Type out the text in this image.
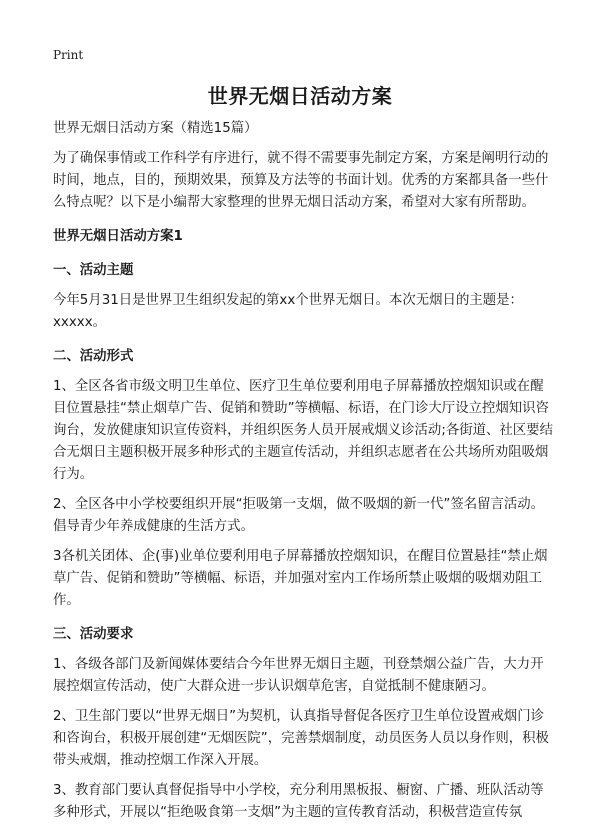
Print
世界无烟日活动方案

世界无烟日活动方案（精选15篇）

为了确保事情或工作科学有序进行，就不得不需要事先制定方案，方案是阐明行动的时间，地点，目的，预期效果，预算及方法等的书面计划。优秀的方案都具备一些什么特点呢？以下是小编帮大家整理的世界无烟日活动方案，希望对大家有所帮助。

世界无烟日活动方案1

一、活动主题

今年5月31日是世界卫生组织发起的第xx个世界无烟日。本次无烟日的主题是：xxxxx。

二、活动形式

1、全区各省市级文明卫生单位、医疗卫生单位要利用电子屏幕播放控烟知识或在醒目位置悬挂“禁止烟草广告、促销和赞助”等横幅、标语，在门诊大厅设立控烟知识咨询台，发放健康知识宣传资料，并组织医务人员开展戒烟义诊活动;各街道、社区要结合无烟日主题积极开展多种形式的主题宣传活动，并组织志愿者在公共场所劝阻吸烟行为。

2、全区各中小学校要组织开展“拒吸第一支烟，做不吸烟的新一代”签名留言活动。倡导青少年养成健康的生活方式。

3各机关团体、企(事)业单位要利用电子屏幕播放控烟知识，在醒目位置悬挂“禁止烟草广告、促销和赞助”等横幅、标语，并加强对室内工作场所禁止吸烟的吸烟劝阻工作。

三、活动要求

1、各级各部门及新闻媒体要结合今年世界无烟日主题，刊登禁烟公益广告，大力开展控烟宣传活动，使广大群众进一步认识烟草危害，自觉抵制不健康陋习。

2、卫生部门要以“世界无烟日”为契机，认真指导督促各医疗卫生单位设置戒烟门诊和咨询台，积极开展创建“无烟医院”，完善禁烟制度，动员医务人员以身作则，积极带头戒烟，推动控烟工作深入开展。

3、教育部门要认真督促指导中小学校，充分利用黑板报、橱窗、广播、班队活动等多种形式，开展以“拒绝吸食第一支烟”为主题的宣传教育活动，积极营造宣传氛
